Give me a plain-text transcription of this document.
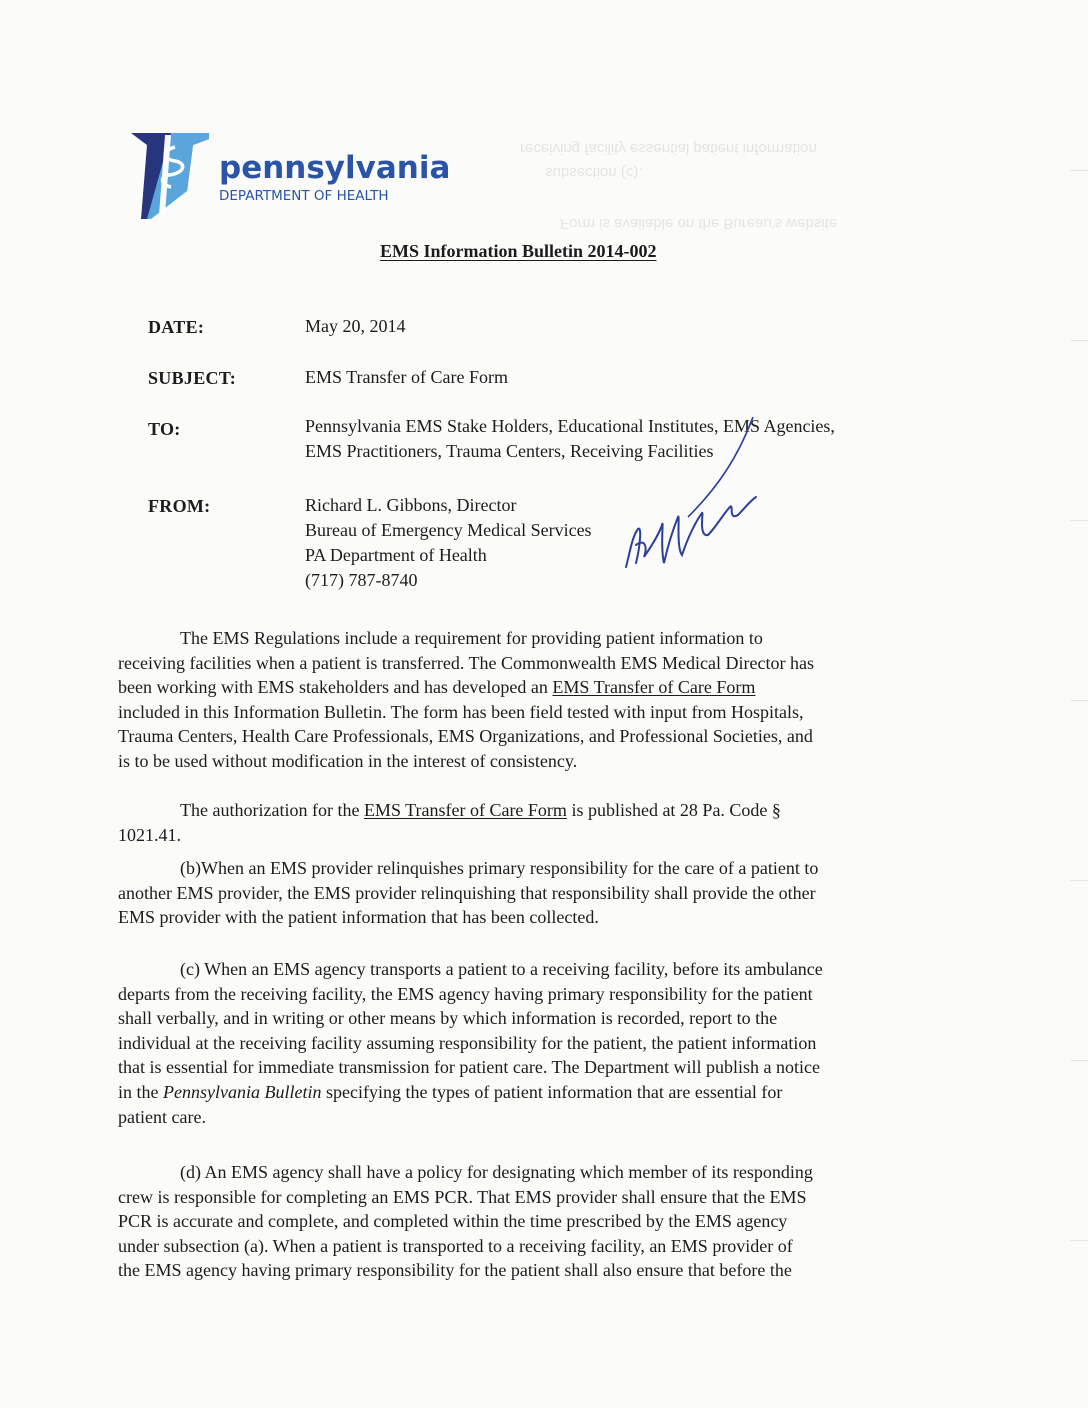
receiving facility essential patient information
subsection (c).
Form is available on the Bureau's website
pennsylvania
DEPARTMENT OF HEALTH
EMS Information Bulletin 2014-002
DATE:	May 20, 2014
SUBJECT:	EMS Transfer of Care Form
TO:	Pennsylvania EMS Stake Holders, Educational Institutes, EMS Agencies,
EMS Practitioners, Trauma Centers, Receiving Facilities
FROM:	Richard L. Gibbons, Director
Bureau of Emergency Medical Services
PA Department of Health
(717) 787-8740
The EMS Regulations include a requirement for providing patient information to
receiving facilities when a patient is transferred. The Commonwealth EMS Medical Director has
been working with EMS stakeholders and has developed an EMS Transfer of Care Form
included in this Information Bulletin. The form has been field tested with input from Hospitals,
Trauma Centers, Health Care Professionals, EMS Organizations, and Professional Societies, and
is to be used without modification in the interest of consistency.
The authorization for the EMS Transfer of Care Form is published at 28 Pa. Code §
1021.41.
(b)When an EMS provider relinquishes primary responsibility for the care of a patient to
another EMS provider, the EMS provider relinquishing that responsibility shall provide the other
EMS provider with the patient information that has been collected.
(c) When an EMS agency transports a patient to a receiving facility, before its ambulance
departs from the receiving facility, the EMS agency having primary responsibility for the patient
shall verbally, and in writing or other means by which information is recorded, report to the
individual at the receiving facility assuming responsibility for the patient, the patient information
that is essential for immediate transmission for patient care. The Department will publish a notice
in the Pennsylvania Bulletin specifying the types of patient information that are essential for
patient care.
(d) An EMS agency shall have a policy for designating which member of its responding
crew is responsible for completing an EMS PCR. That EMS provider shall ensure that the EMS
PCR is accurate and complete, and completed within the time prescribed by the EMS agency
under subsection (a). When a patient is transported to a receiving facility, an EMS provider of
the EMS agency having primary responsibility for the patient shall also ensure that before the
